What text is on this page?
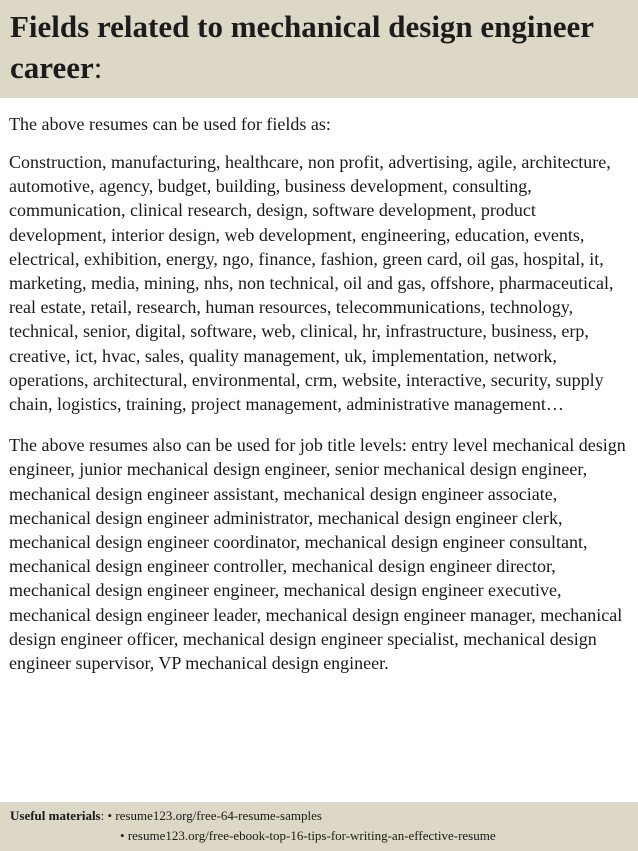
Fields related to mechanical design engineer career:

The above resumes can be used for fields as:

Construction, manufacturing, healthcare, non profit, advertising, agile, architecture, automotive, agency, budget, building, business development, consulting, communication, clinical research, design, software development, product development, interior design, web development, engineering, education, events, electrical, exhibition, energy, ngo, finance, fashion, green card, oil gas, hospital, it, marketing, media, mining, nhs, non technical, oil and gas, offshore, pharmaceutical, real estate, retail, research, human resources, telecommunications, technology, technical, senior, digital, software, web, clinical, hr, infrastructure, business, erp, creative, ict, hvac, sales, quality management, uk, implementation, network, operations, architectural, environmental, crm, website, interactive, security, supply chain, logistics, training, project management, administrative management…

The above resumes also can be used for job title levels: entry level mechanical design engineer, junior mechanical design engineer, senior mechanical design engineer, mechanical design engineer assistant, mechanical design engineer associate, mechanical design engineer administrator, mechanical design engineer clerk, mechanical design engineer coordinator, mechanical design engineer consultant, mechanical design engineer controller, mechanical design engineer director, mechanical design engineer engineer, mechanical design engineer executive, mechanical design engineer leader, mechanical design engineer manager, mechanical design engineer officer, mechanical design engineer specialist, mechanical design engineer supervisor, VP mechanical design engineer.

Useful materials: • resume123.org/free-64-resume-samples
• resume123.org/free-ebook-top-16-tips-for-writing-an-effective-resume
